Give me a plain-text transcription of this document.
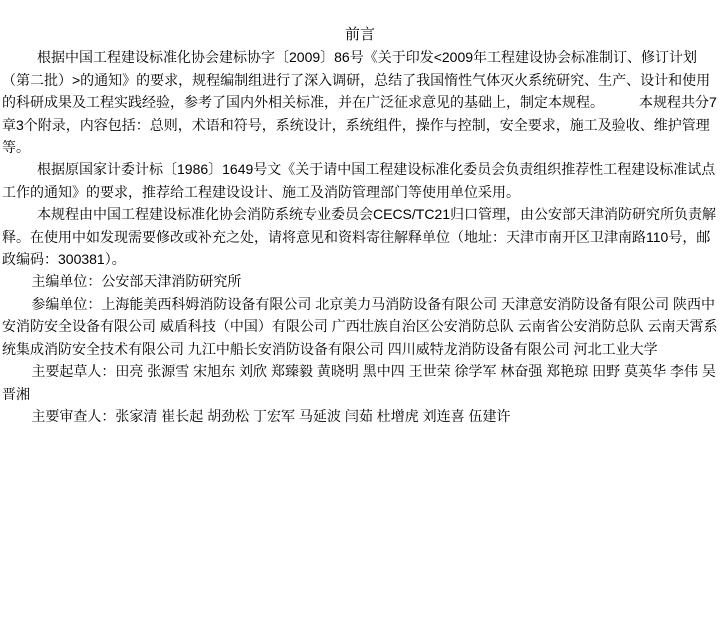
前言

根据中国工程建设标准化协会建标协字〔2009〕86号《关于印发<2009年工程建设协会标准制订、修订计划（第二批）>的通知》的要求，规程编制组进行了深入调研，总结了我国惰性气体灭火系统研究、生产、设计和使用的科研成果及工程实践经验，参考了国内外相关标准，并在广泛征求意见的基础上，制定本规程。　　　本规程共分7章3个附录，内容包括：总则，术语和符号，系统设计，系统组件，操作与控制，安全要求，施工及验收、维护管理等。

根据原国家计委计标〔1986〕1649号文《关于请中国工程建设标准化委员会负责组织推荐性工程建设标准试点工作的通知》的要求，推荐给工程建设设计、施工及消防管理部门等使用单位采用。

本规程由中国工程建设标准化协会消防系统专业委员会CECS/TC21归口管理，由公安部天津消防研究所负责解释。在使用中如发现需要修改或补充之处，请将意见和资料寄往解释单位（地址：天津市南开区卫津南路110号，邮政编码：300381）。

主编单位：公安部天津消防研究所

参编单位：上海能美西科姆消防设备有限公司 北京美力马消防设备有限公司 天津意安消防设备有限公司 陕西中安消防安全设备有限公司 威盾科技（中国）有限公司 广西壮族自治区公安消防总队 云南省公安消防总队 云南天霄系统集成消防安全技术有限公司 九江中船长安消防设备有限公司 四川威特龙消防设备有限公司 河北工业大学

主要起草人：田亮 张源雪 宋旭东 刘欣 郑臻毅 黄晓明 黑中四 王世荣 徐学军 林奋强 郑艳琼 田野 莫英华 李伟 吴晋湘

主要审查人：张家清 崔长起 胡劲松 丁宏军 马延波 闫茹 杜增虎 刘连喜 伍建许
